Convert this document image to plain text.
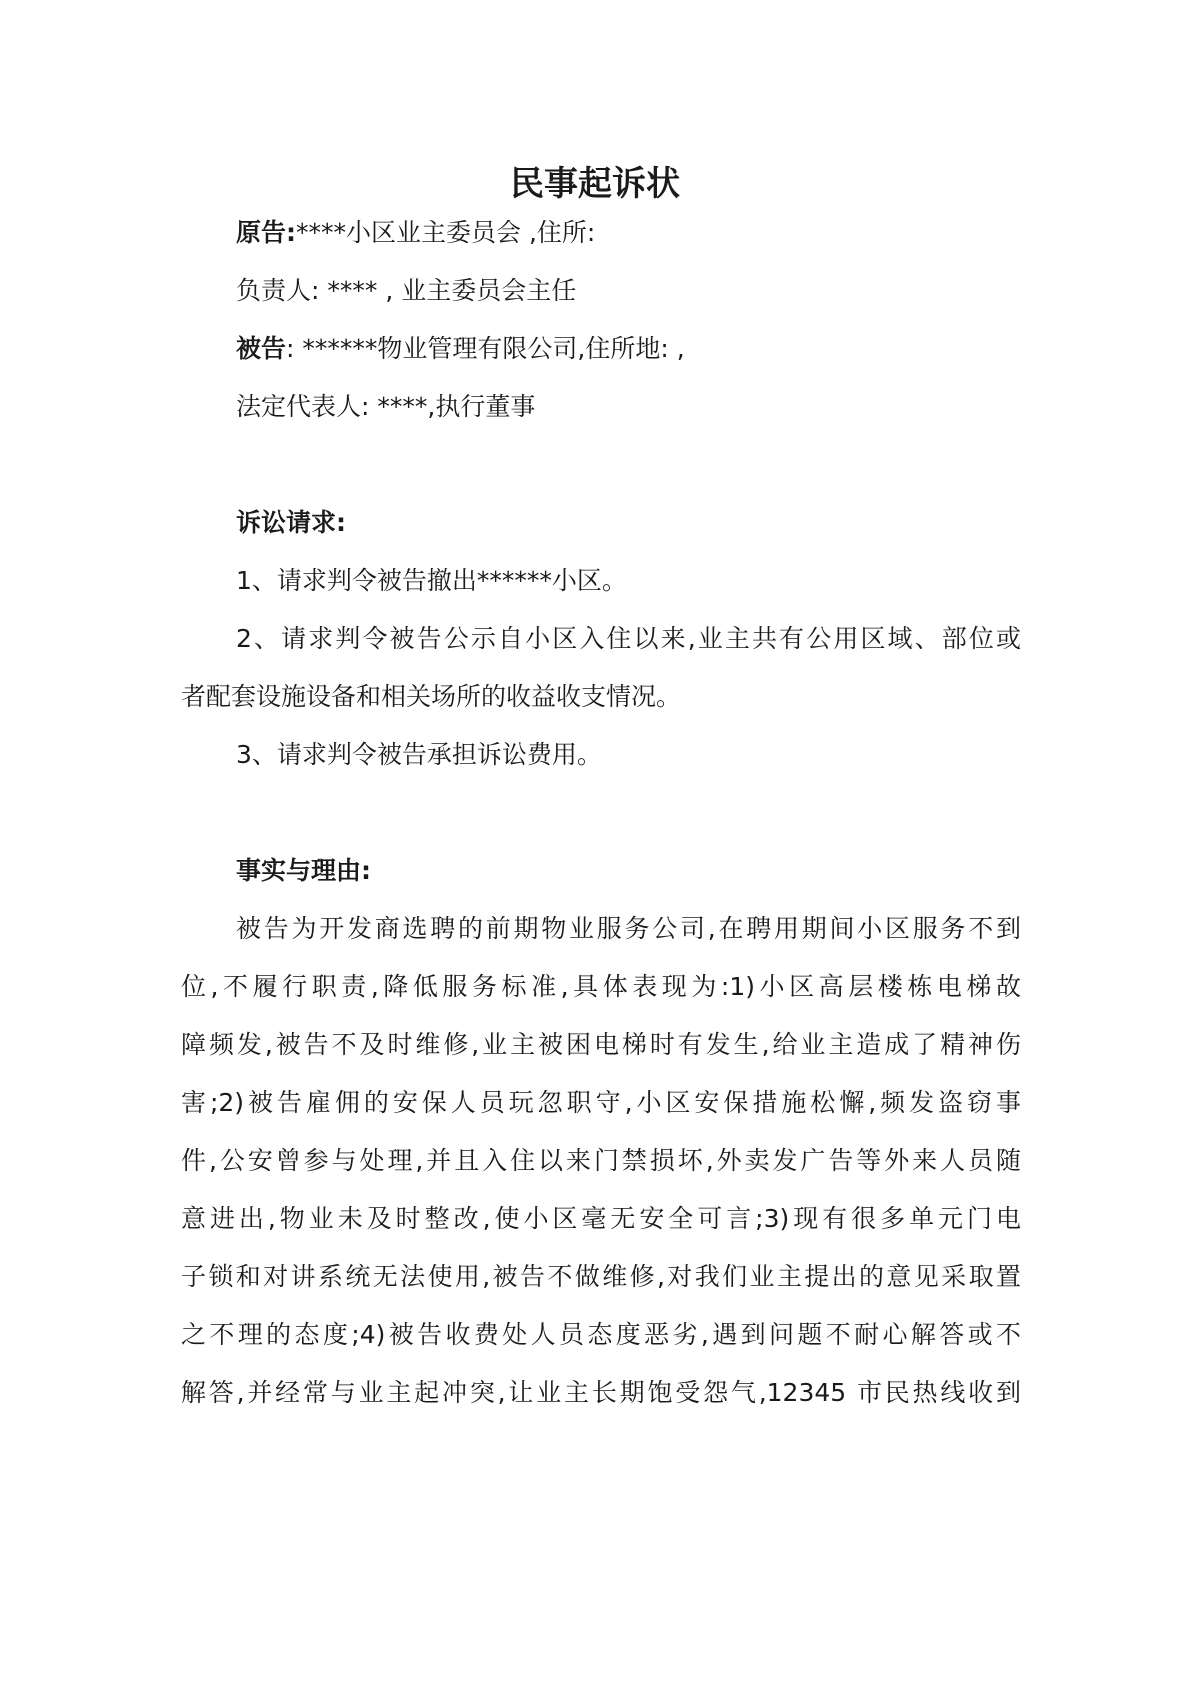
民事起诉状
原告:****小区业主委员会 ,住所:
负责人: **** , 业主委员会主任
被告: ******物业管理有限公司,住所地: ,
法定代表人: ****,执行董事
诉讼请求:
1、请求判令被告撤出******小区。
2、请求判令被告公示自小区入住以来,业主共有公用区域、部位或
者配套设施设备和相关场所的收益收支情况。
3、请求判令被告承担诉讼费用。
事实与理由:
被告为开发商选聘的前期物业服务公司,在聘用期间小区服务不到
位,不履行职责,降低服务标准,具体表现为:1)小区高层楼栋电梯故
障频发,被告不及时维修,业主被困电梯时有发生,给业主造成了精神伤
害;2)被告雇佣的安保人员玩忽职守,小区安保措施松懈,频发盗窃事
件,公安曾参与处理,并且入住以来门禁损坏,外卖发广告等外来人员随
意进出,物业未及时整改,使小区毫无安全可言;3)现有很多单元门电
子锁和对讲系统无法使用,被告不做维修,对我们业主提出的意见采取置
之不理的态度;4)被告收费处人员态度恶劣,遇到问题不耐心解答或不
解答,并经常与业主起冲突,让业主长期饱受怨气,12345 市民热线收到
